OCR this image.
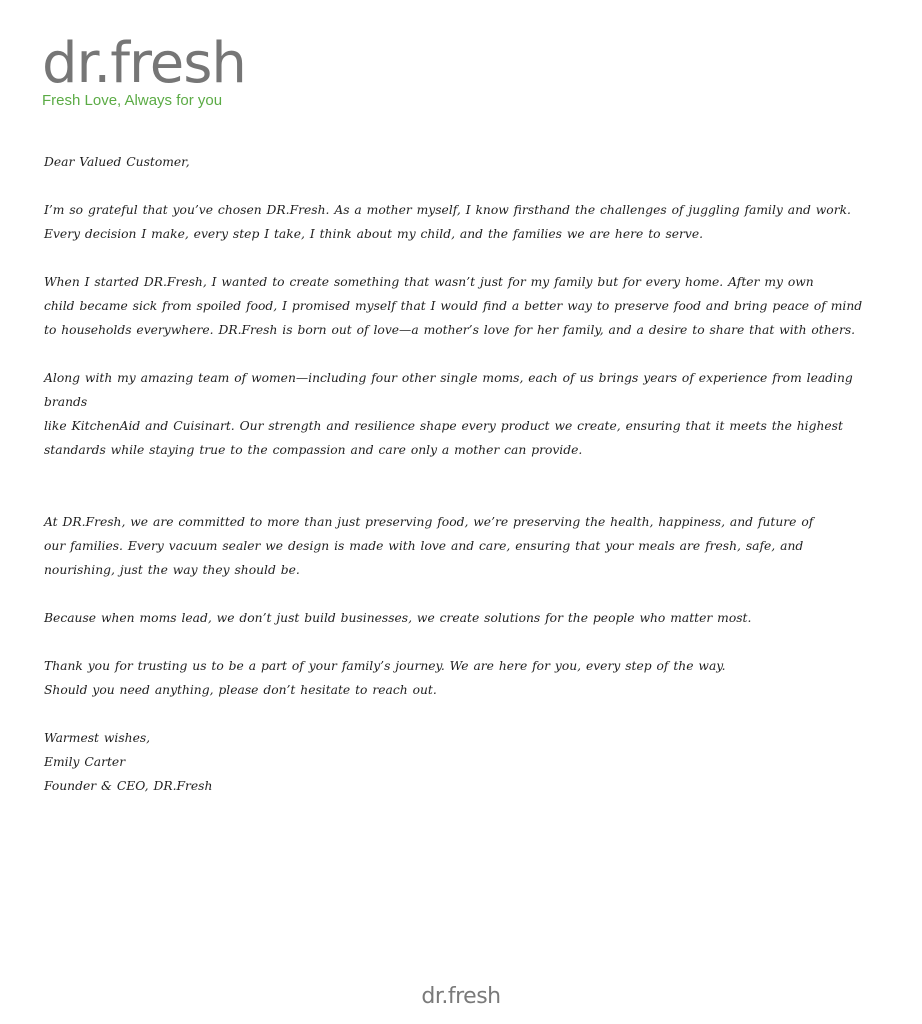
dr.fresh
Fresh Love, Always for you

Dear Valued Customer,

I’m so grateful that you’ve chosen DR.Fresh. As a mother myself, I know firsthand the challenges of juggling family and work.
Every decision I make, every step I take, I think about my child, and the families we are here to serve.

When I started DR.Fresh, I wanted to create something that wasn’t just for my family but for every home. After my own
child became sick from spoiled food, I promised myself that I would find a better way to preserve food and bring peace of mind
to households everywhere. DR.Fresh is born out of love—a mother’s love for her family, and a desire to share that with others.

Along with my amazing team of women—including four other single moms, each of us brings years of experience from leading brands
like KitchenAid and Cuisinart. Our strength and resilience shape every product we create, ensuring that it meets the highest
standards while staying true to the compassion and care only a mother can provide.

At DR.Fresh, we are committed to more than just preserving food, we’re preserving the health, happiness, and future of
our families. Every vacuum sealer we design is made with love and care, ensuring that your meals are fresh, safe, and
nourishing, just the way they should be.

Because when moms lead, we don’t just build businesses, we create solutions for the people who matter most.

Thank you for trusting us to be a part of your family’s journey. We are here for you, every step of the way.
Should you need anything, please don’t hesitate to reach out.

Warmest wishes,

Emily Carter

Founder & CEO, DR.Fresh

dr.fresh
